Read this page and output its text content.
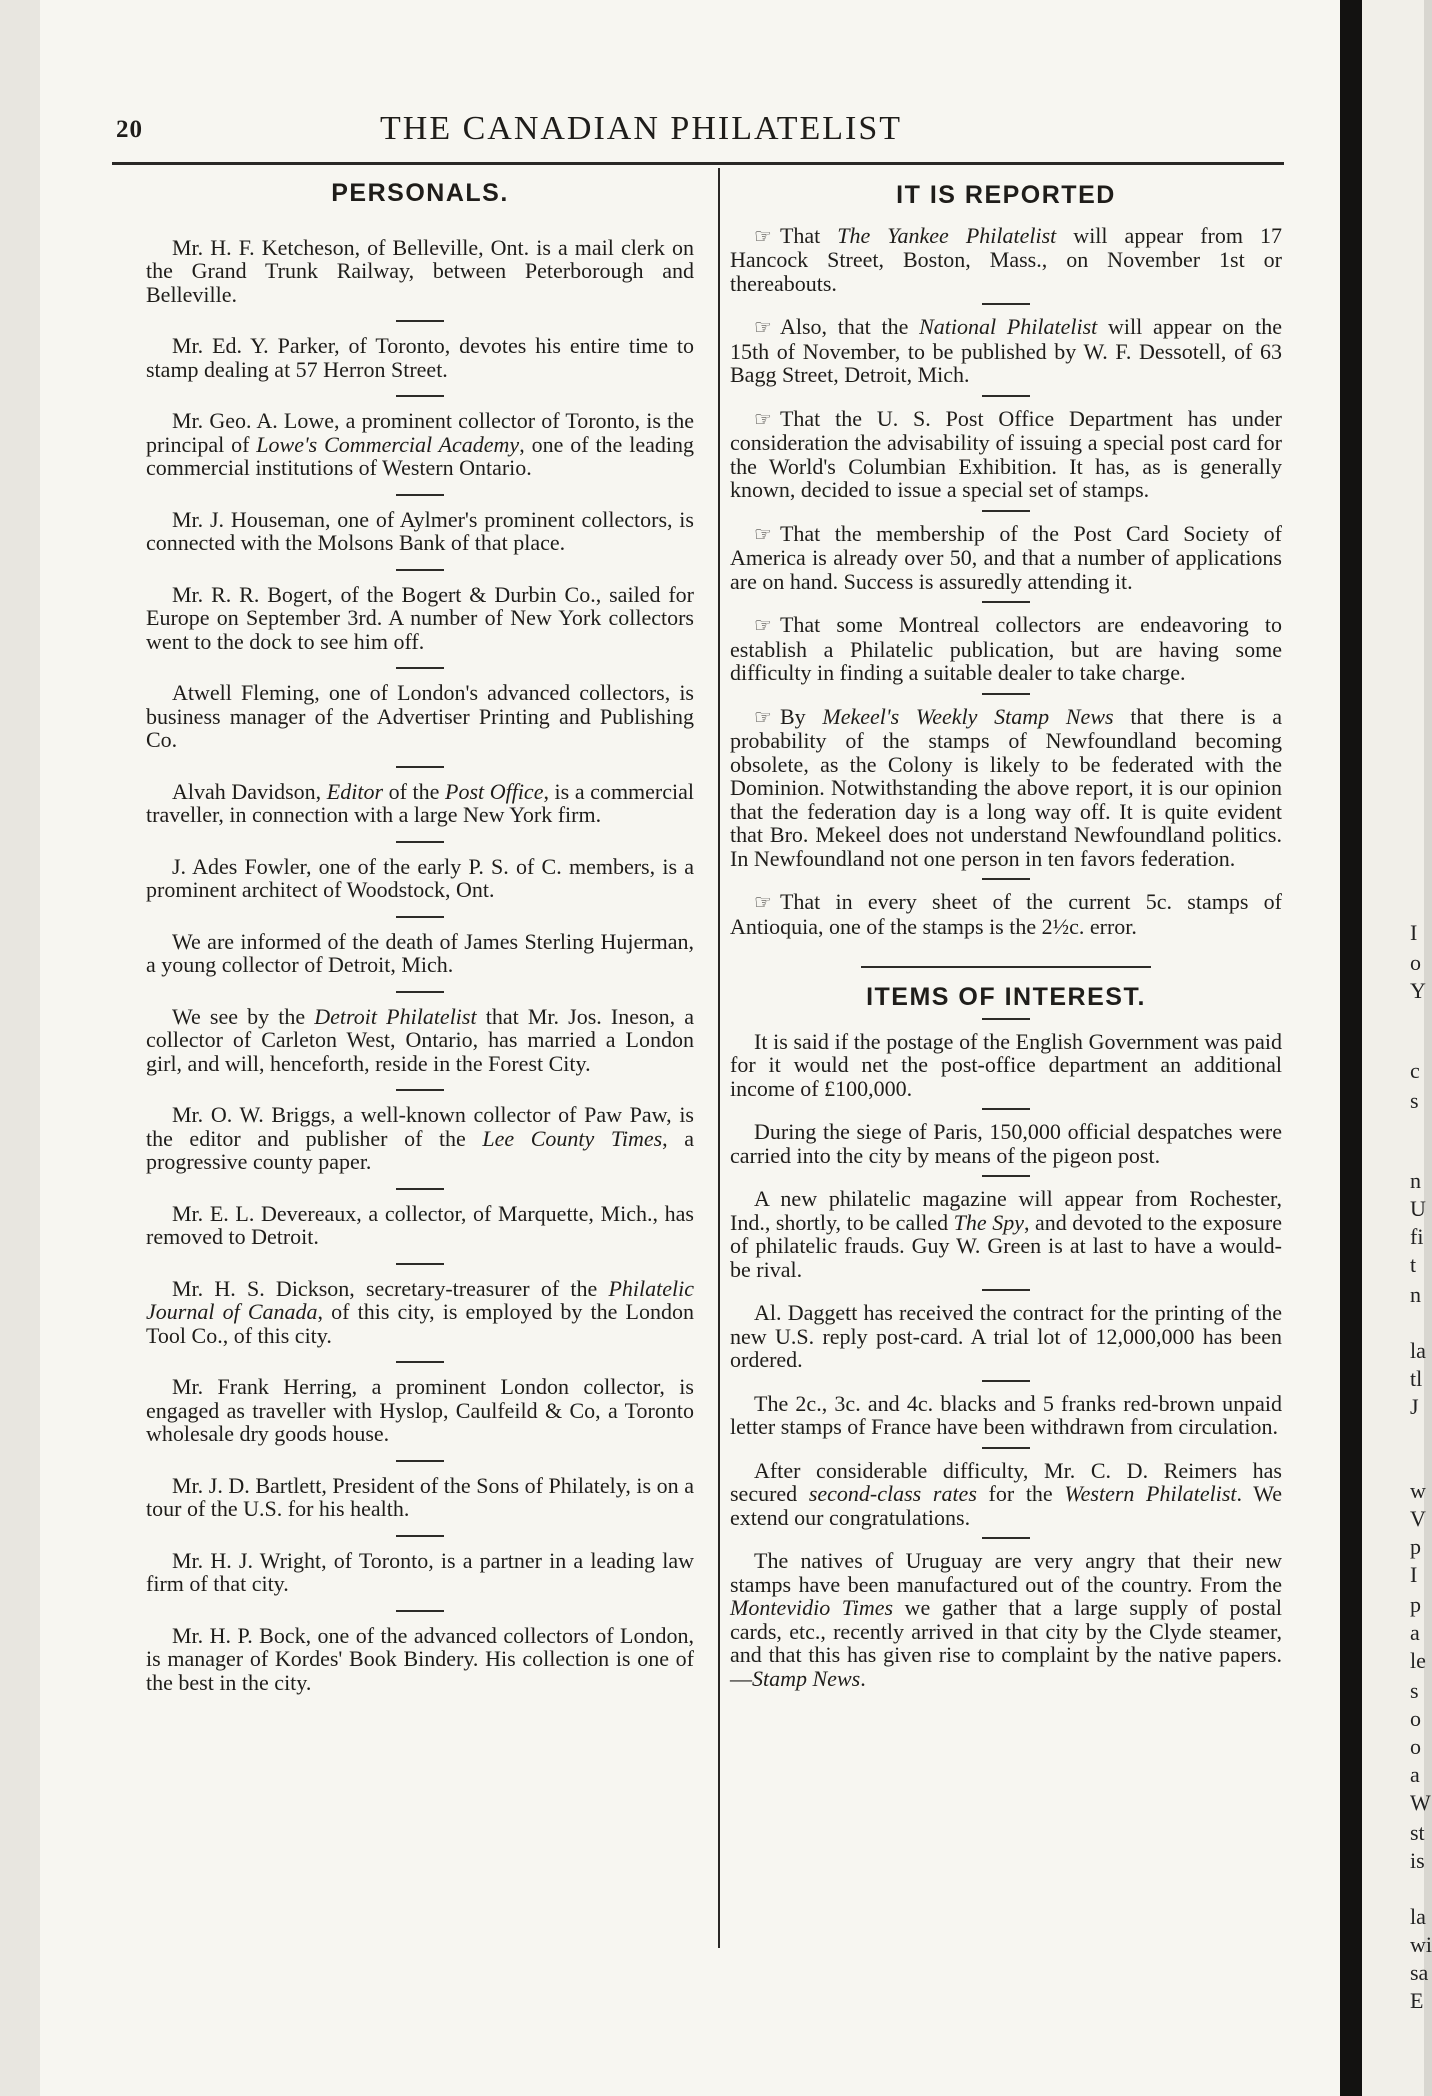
20	THE CANADIAN PHILATELIST
PERSONALS.

Mr. H. F. Ketcheson, of Belleville, Ont. is a mail clerk on the Grand Trunk Railway, between Peterborough and Belleville.

Mr. Ed. Y. Parker, of Toronto, devotes his entire time to stamp dealing at 57 Herron Street.

Mr. Geo. A. Lowe, a prominent collector of Toronto, is the principal of Lowe's Commercial Academy, one of the leading commercial institutions of Western Ontario.

Mr. J. Houseman, one of Aylmer's prominent collectors, is connected with the Molsons Bank of that place.

Mr. R. R. Bogert, of the Bogert & Durbin Co., sailed for Europe on September 3rd. A number of New York collectors went to the dock to see him off.

Atwell Fleming, one of London's advanced collectors, is business manager of the Advertiser Printing and Publishing Co.

Alvah Davidson, Editor of the Post Office, is a commercial traveller, in connection with a large New York firm.

J. Ades Fowler, one of the early P. S. of C. members, is a prominent architect of Woodstock, Ont.

We are informed of the death of James Sterling Hujerman, a young collector of Detroit, Mich.

We see by the Detroit Philatelist that Mr. Jos. Ineson, a collector of Carleton West, Ontario, has married a London girl, and will, henceforth, reside in the Forest City.

Mr. O. W. Briggs, a well-known collector of Paw Paw, is the editor and publisher of the Lee County Times, a progressive county paper.

Mr. E. L. Devereaux, a collector, of Marquette, Mich., has removed to Detroit.

Mr. H. S. Dickson, secretary-treasurer of the Philatelic Journal of Canada, of this city, is employed by the London Tool Co., of this city.

Mr. Frank Herring, a prominent London collector, is engaged as traveller with Hyslop, Caulfeild & Co, a Toronto wholesale dry goods house.

Mr. J. D. Bartlett, President of the Sons of Philately, is on a tour of the U.S. for his health.

Mr. H. J. Wright, of Toronto, is a partner in a leading law firm of that city.

Mr. H. P. Bock, one of the advanced collectors of London, is manager of Kordes' Book Bindery. His collection is one of the best in the city.

IT IS REPORTED

☞ That The Yankee Philatelist will appear from 17 Hancock Street, Boston, Mass., on November 1st or thereabouts.

☞ Also, that the National Philatelist will appear on the 15th of November, to be published by W. F. Dessotell, of 63 Bagg Street, Detroit, Mich.

☞ That the U. S. Post Office Department has under consideration the advisability of issuing a special post card for the World's Columbian Exhibition. It has, as is generally known, decided to issue a special set of stamps.

☞ That the membership of the Post Card Society of America is already over 50, and that a number of applications are on hand. Success is assuredly attending it.

☞ That some Montreal collectors are endeavoring to establish a Philatelic publication, but are having some difficulty in finding a suitable dealer to take charge.

☞ By Mekeel's Weekly Stamp News that there is a probability of the stamps of Newfoundland becoming obsolete, as the Colony is likely to be federated with the Dominion. Notwithstanding the above report, it is our opinion that the federation day is a long way off. It is quite evident that Bro. Mekeel does not understand Newfoundland politics. In Newfoundland not one person in ten favors federation.

☞ That in every sheet of the current 5c. stamps of Antioquia, one of the stamps is the 2½c. error.

ITEMS OF INTEREST.

It is said if the postage of the English Government was paid for it would net the post-office department an additional income of £100,000.

During the siege of Paris, 150,000 official despatches were carried into the city by means of the pigeon post.

A new philatelic magazine will appear from Rochester, Ind., shortly, to be called The Spy, and devoted to the exposure of philatelic frauds. Guy W. Green is at last to have a would-be rival.

Al. Daggett has received the contract for the printing of the new U.S. reply post-card. A trial lot of 12,000,000 has been ordered.

The 2c., 3c. and 4c. blacks and 5 franks red-brown unpaid letter stamps of France have been withdrawn from circulation.

After considerable difficulty, Mr. C. D. Reimers has secured second-class rates for the Western Philatelist. We extend our congratulations.

The natives of Uruguay are very angry that their new stamps have been manufactured out of the country. From the Montevidio Times we gather that a large supply of postal cards, etc., recently arrived in that city by the Clyde steamer, and that this has given rise to complaint by the native papers. —Stamp News.

I
o
Y
c
s
n
U
fi
t
n
la
tl
J
w
V
p
I
p
a
le
s
o
o
a
W
st
is
la
wi
sa
E
